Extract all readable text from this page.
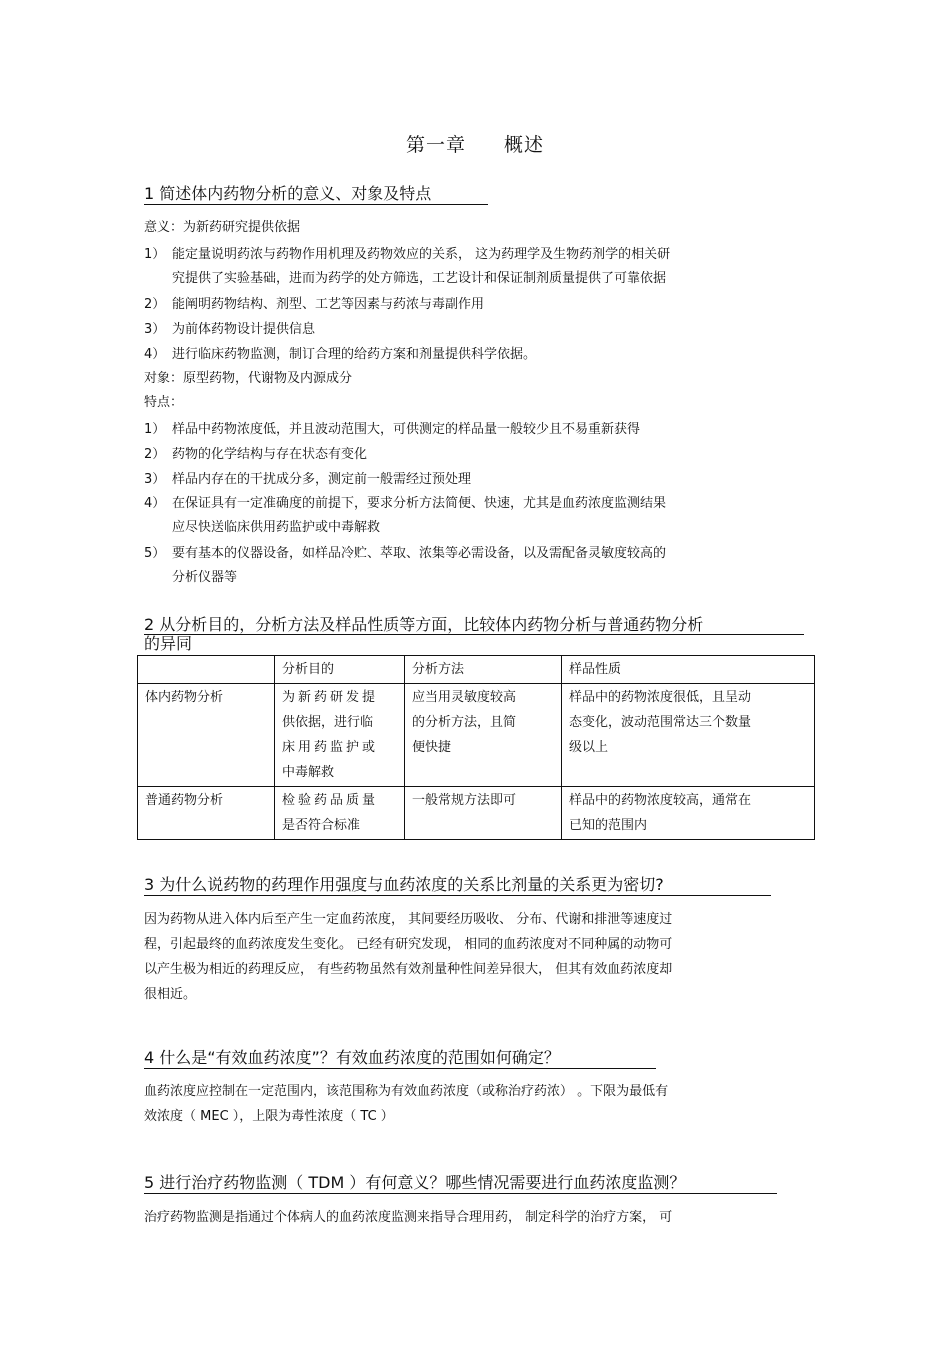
第一章 概述
1 简述体内药物分析的意义、对象及特点
意义：为新药研究提供依据
1） 能定量说明药浓与药物作用机理及药物效应的关系， 这为药理学及生物药剂学的相关研
究提供了实验基础，进而为药学的处方筛选，工艺设计和保证制剂质量提供了可靠依据
2） 能阐明药物结构、剂型、工艺等因素与药浓与毒副作用
3） 为前体药物设计提供信息
4） 进行临床药物监测，制订合理的给药方案和剂量提供科学依据。
对象：原型药物，代谢物及内源成分
特点：
1） 样品中药物浓度低，并且波动范围大，可供测定的样品量一般较少且不易重新获得
2） 药物的化学结构与存在状态有变化
3） 样品内存在的干扰成分多，测定前一般需经过预处理
4） 在保证具有一定准确度的前提下，要求分析方法简便、快速，尤其是血药浓度监测结果
应尽快送临床供用药监护或中毒解救
5） 要有基本的仪器设备，如样品冷贮、萃取、浓集等必需设备，以及需配备灵敏度较高的
分析仪器等
2 从分析目的，分析方法及样品性质等方面，比较体内药物分析与普通药物分析
的异同
	分析目的	分析方法	样品性质
体内药物分析	为新药研发提
供依据，进行临
床用药监护或
中毒解救	应当用灵敏度较高
的分析方法，且简
便快捷	样品中的药物浓度很低，且呈动
态变化，波动范围常达三个数量
级以上

普通药物分析	检验药品质量
是否符合标准	一般常规方法即可	样品中的药物浓度较高，通常在
已知的范围内
3 为什么说药物的药理作用强度与血药浓度的关系比剂量的关系更为密切?
因为药物从进入体内后至产生一定血药浓度， 其间要经历吸收、 分布、代谢和排泄等速度过
程，引起最终的血药浓度发生变化。 已经有研究发现， 相同的血药浓度对不同种属的动物可
以产生极为相近的药理反应， 有些药物虽然有效剂量种性间差异很大， 但其有效血药浓度却
很相近。
4 什么是“有效血药浓度”？有效血药浓度的范围如何确定？
血药浓度应控制在一定范围内，该范围称为有效血药浓度（或称治疗药浓） 。下限为最低有
效浓度（ MEC ），上限为毒性浓度（ TC ）
5 进行治疗药物监测（ TDM ）有何意义？哪些情况需要进行血药浓度监测？
治疗药物监测是指通过个体病人的血药浓度监测来指导合理用药， 制定科学的治疗方案， 可
